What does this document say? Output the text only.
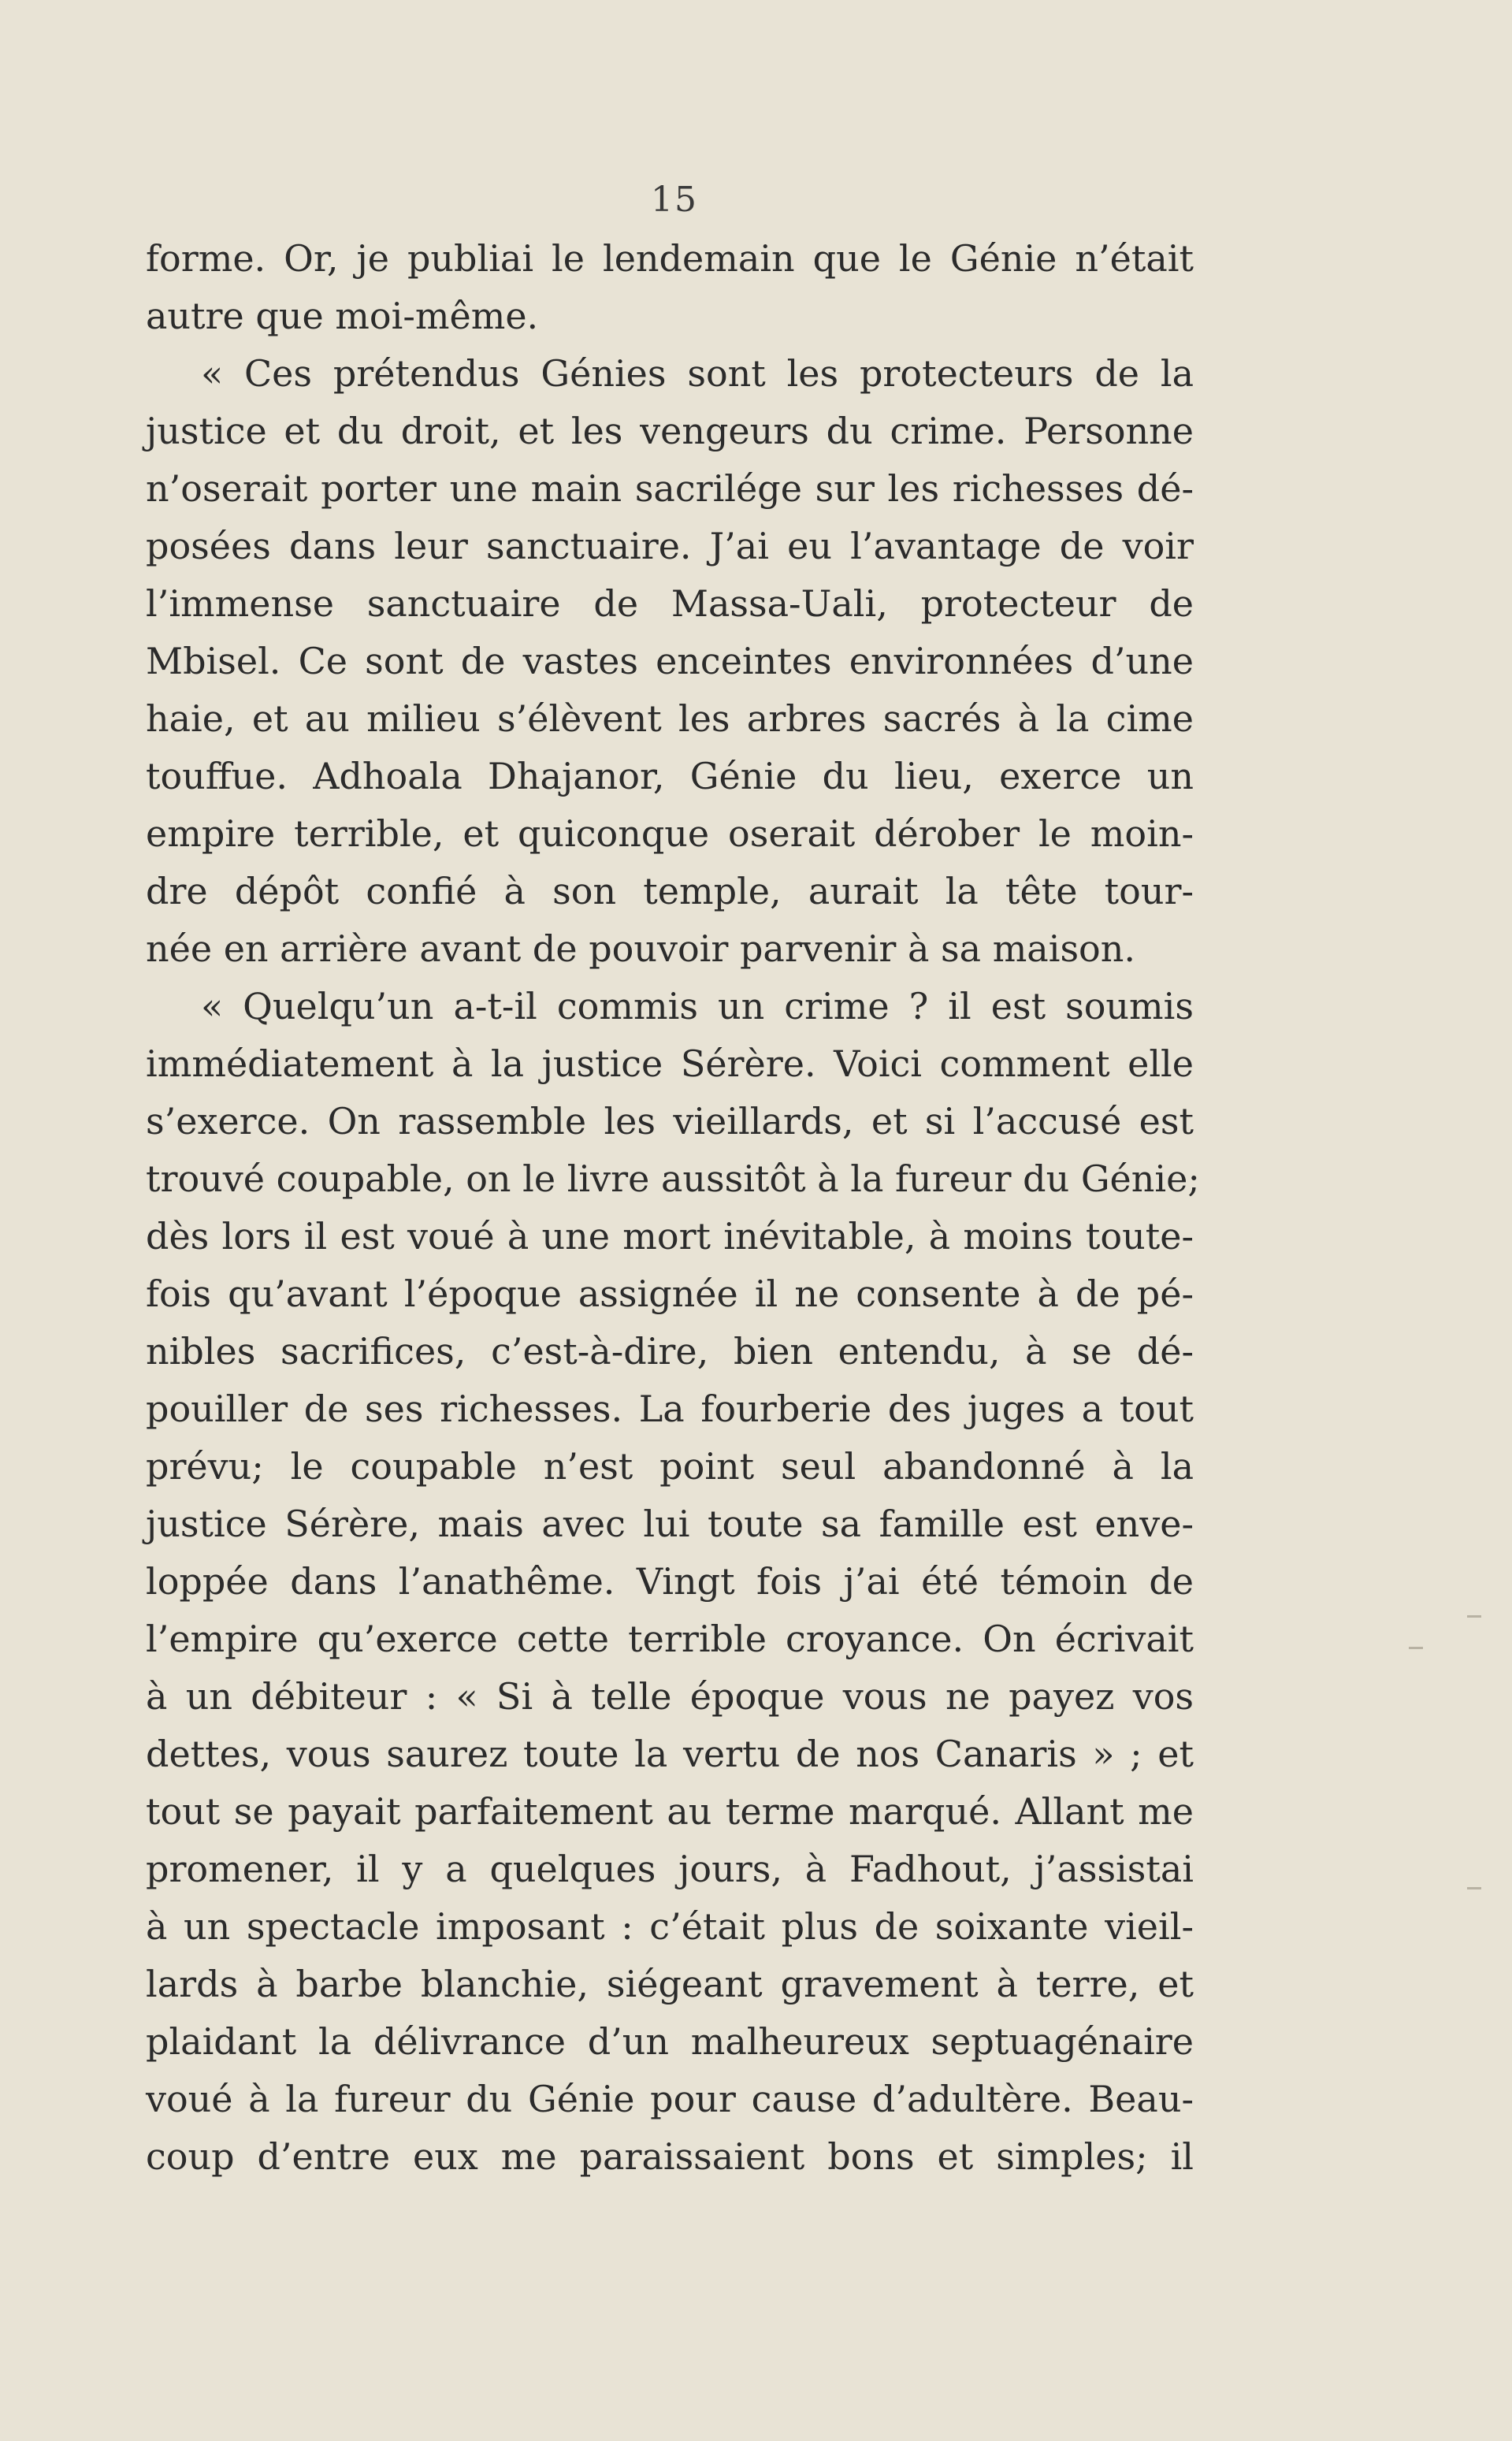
15
forme. Or, je publiai le lendemain que le Génie n’était
autre que moi-même.
« Ces prétendus Génies sont les protecteurs de la
justice et du droit, et les vengeurs du crime. Personne
n’oserait porter une main sacrilége sur les richesses dé-
posées dans leur sanctuaire. J’ai eu l’avantage de voir
l’immense sanctuaire de Massa-Uali, protecteur de
Mbisel. Ce sont de vastes enceintes environnées d’une
haie, et au milieu s’élèvent les arbres sacrés à la cime
touffue. Adhoala Dhajanor, Génie du lieu, exerce un
empire terrible, et quiconque oserait dérober le moin-
dre dépôt confié à son temple, aurait la tête tour-
née en arrière avant de pouvoir parvenir à sa maison.
« Quelqu’un a-t-il commis un crime ? il est soumis
immédiatement à la justice Sérère. Voici comment elle
s’exerce. On rassemble les vieillards, et si l’accusé est
trouvé coupable, on le livre aussitôt à la fureur du Génie;
dès lors il est voué à une mort inévitable, à moins toute-
fois qu’avant l’époque assignée il ne consente à de pé-
nibles sacrifices, c’est-à-dire, bien entendu, à se dé-
pouiller de ses richesses. La fourberie des juges a tout
prévu; le coupable n’est point seul abandonné à la
justice Sérère, mais avec lui toute sa famille est enve-
loppée dans l’anathême. Vingt fois j’ai été témoin de
l’empire qu’exerce cette terrible croyance. On écrivait
à un débiteur : « Si à telle époque vous ne payez vos
dettes, vous saurez toute la vertu de nos Canaris » ; et
tout se payait parfaitement au terme marqué. Allant me
promener, il y a quelques jours, à Fadhout, j’assistai
à un spectacle imposant : c’était plus de soixante vieil-
lards à barbe blanchie, siégeant gravement à terre, et
plaidant la délivrance d’un malheureux septuagénaire
voué à la fureur du Génie pour cause d’adultère. Beau-
coup d’entre eux me paraissaient bons et simples; il
